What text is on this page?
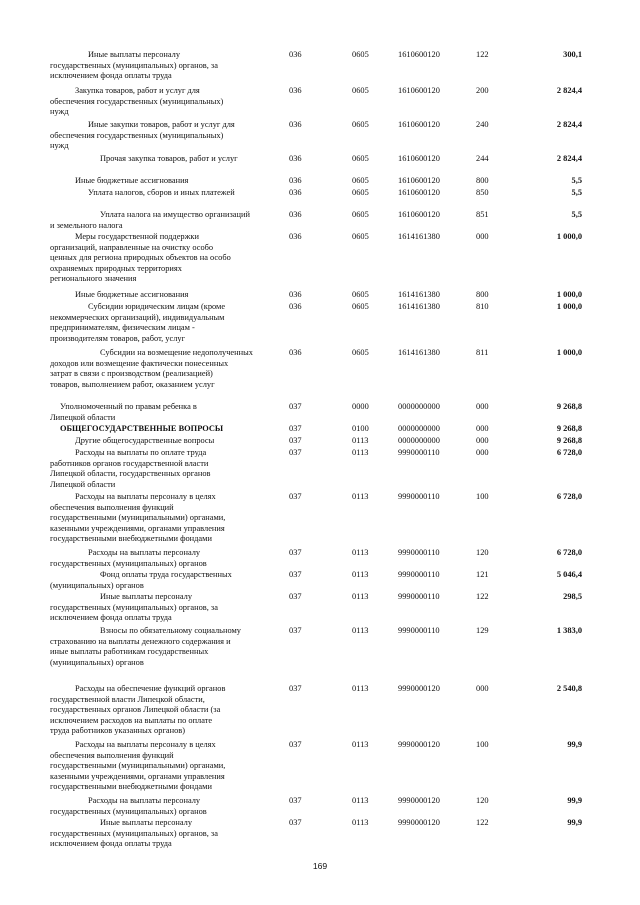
Иные выплаты персоналу
государственных (муниципальных) органов, за
исключением фонда оплаты труда
036	0605	1610600120	122	300,1
Закупка товаров, работ и услуг для
обеспечения государственных (муниципальных)
нужд
036	0605	1610600120	200	2 824,4
Иные закупки товаров, работ и услуг для
обеспечения государственных (муниципальных)
нужд
036	0605	1610600120	240	2 824,4
Прочая закупка товаров, работ и услуг	036	0605	1610600120	244	2 824,4
Иные бюджетные ассигнования	036	0605	1610600120	800	5,5
Уплата налогов, сборов и иных платежей	036	0605	1610600120	850	5,5
Уплата налога на имущество организаций
и земельного налога
036	0605	1610600120	851	5,5
Меры государственной поддержки
организаций, направленные на очистку особо
ценных для региона природных объектов на особо
охраняемых природных территориях
регионального значения
036	0605	1614161380	000	1 000,0
Иные бюджетные ассигнования	036	0605	1614161380	800	1 000,0
Субсидии юридическим лицам (кроме
некоммерческих организаций), индивидуальным
предпринимателям, физическим лицам -
производителям товаров, работ, услуг
036	0605	1614161380	810	1 000,0
Субсидии на возмещение недополученных
доходов или возмещение фактически понесенных
затрат в связи с производством (реализацией)
товаров, выполнением работ, оказанием услуг
036	0605	1614161380	811	1 000,0
Уполномоченный по правам ребенка в
Липецкой области
037	0000	0000000000	000	9 268,8
ОБЩЕГОСУДАРСТВЕННЫЕ ВОПРОСЫ	037	0100	0000000000	000	9 268,8
Другие общегосударственные вопросы	037	0113	0000000000	000	9 268,8
Расходы на выплаты по оплате труда
работников органов государственной власти
Липецкой области, государственных органов
Липецкой области
037	0113	9990000110	000	6 728,0
Расходы на выплаты персоналу в целях
обеспечения выполнения функций
государственными (муниципальными) органами,
казенными учреждениями, органами управления
государственными внебюджетными фондами
037	0113	9990000110	100	6 728,0
Расходы на выплаты персоналу
государственных (муниципальных) органов
037	0113	9990000110	120	6 728,0
Фонд оплаты труда государственных
(муниципальных) органов
037	0113	9990000110	121	5 046,4
Иные выплаты персоналу
государственных (муниципальных) органов, за
исключением фонда оплаты труда
037	0113	9990000110	122	298,5
Взносы по обязательному социальному
страхованию на выплаты денежного содержания и
иные выплаты работникам государственных
(муниципальных) органов
037	0113	9990000110	129	1 383,0
Расходы на обеспечение функций органов
государственной власти Липецкой области,
государственных органов Липецкой области (за
исключением расходов на выплаты по оплате
труда работников указанных органов)
037	0113	9990000120	000	2 540,8
Расходы на выплаты персоналу в целях
обеспечения выполнения функций
государственными (муниципальными) органами,
казенными учреждениями, органами управления
государственными внебюджетными фондами
037	0113	9990000120	100	99,9
Расходы на выплаты персоналу
государственных (муниципальных) органов
037	0113	9990000120	120	99,9
Иные выплаты персоналу
государственных (муниципальных) органов, за
исключением фонда оплаты труда
037	0113	9990000120	122	99,9
169
